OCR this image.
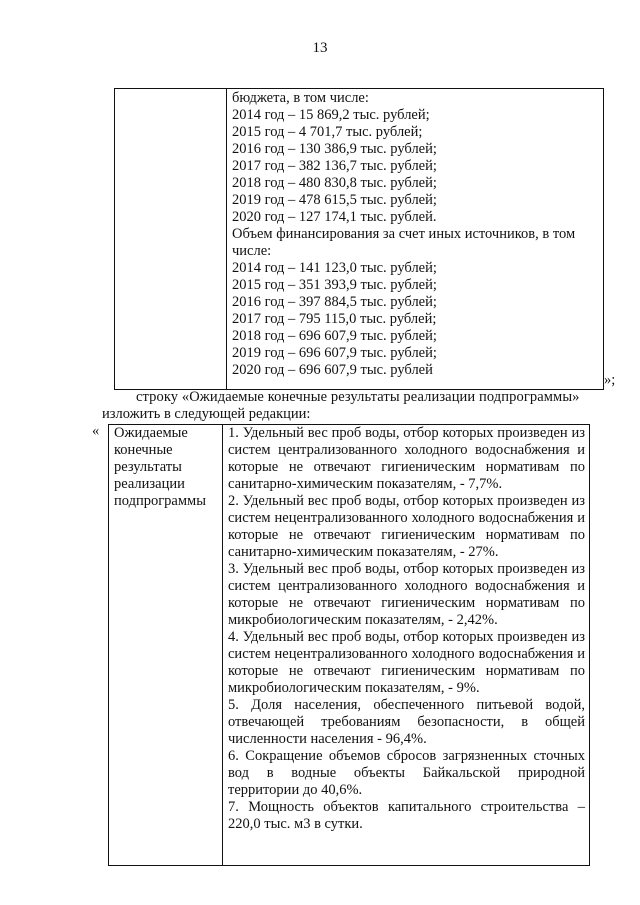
13
бюджета, в том числе:
2014 год – 15 869,2 тыс. рублей;
2015 год – 4 701,7 тыс. рублей;
2016 год – 130 386,9 тыс. рублей;
2017 год – 382 136,7 тыс. рублей;
2018 год – 480 830,8 тыс. рублей;
2019 год – 478 615,5 тыс. рублей;
2020 год – 127 174,1 тыс. рублей.
Объем финансирования за счет иных источников, в том
числе:
2014 год – 141 123,0 тыс. рублей;
2015 год – 351 393,9 тыс. рублей;
2016 год – 397 884,5 тыс. рублей;
2017 год – 795 115,0 тыс. рублей;
2018 год – 696 607,9 тыс. рублей;
2019 год – 696 607,9 тыс. рублей;
2020 год – 696 607,9 тыс. рублей
»;
строку «Ожидаемые конечные результаты реализации подпрограммы»
изложить в следующей редакции:
« Ожидаемые конечные результаты реализации подпрограммы

1. Удельный вес проб воды, отбор которых произведен из систем централизованного холодного водоснабжения и которые не отвечают гигиеническим нормативам по санитарно-химическим показателям, - 7,7%.

2. Удельный вес проб воды, отбор которых произведен из систем нецентрализованного холодного водоснабжения и которые не отвечают гигиеническим нормативам по санитарно-химическим показателям, - 27%.

3. Удельный вес проб воды, отбор которых произведен из систем централизованного холодного водоснабжения и которые не отвечают гигиеническим нормативам по микробиологическим показателям, - 2,42%.

4. Удельный вес проб воды, отбор которых произведен из систем нецентрализованного холодного водоснабжения и которые не отвечают гигиеническим нормативам по микробиологическим показателям, - 9%.

5. Доля населения, обеспеченного питьевой водой, отвечающей требованиям безопасности, в общей численности населения - 96,4%.

6. Сокращение объемов сбросов загрязненных сточных вод в водные объекты Байкальской природной территории до 40,6%.

7. Мощность объектов капитального строительства – 220,0 тыс. м3 в сутки.
